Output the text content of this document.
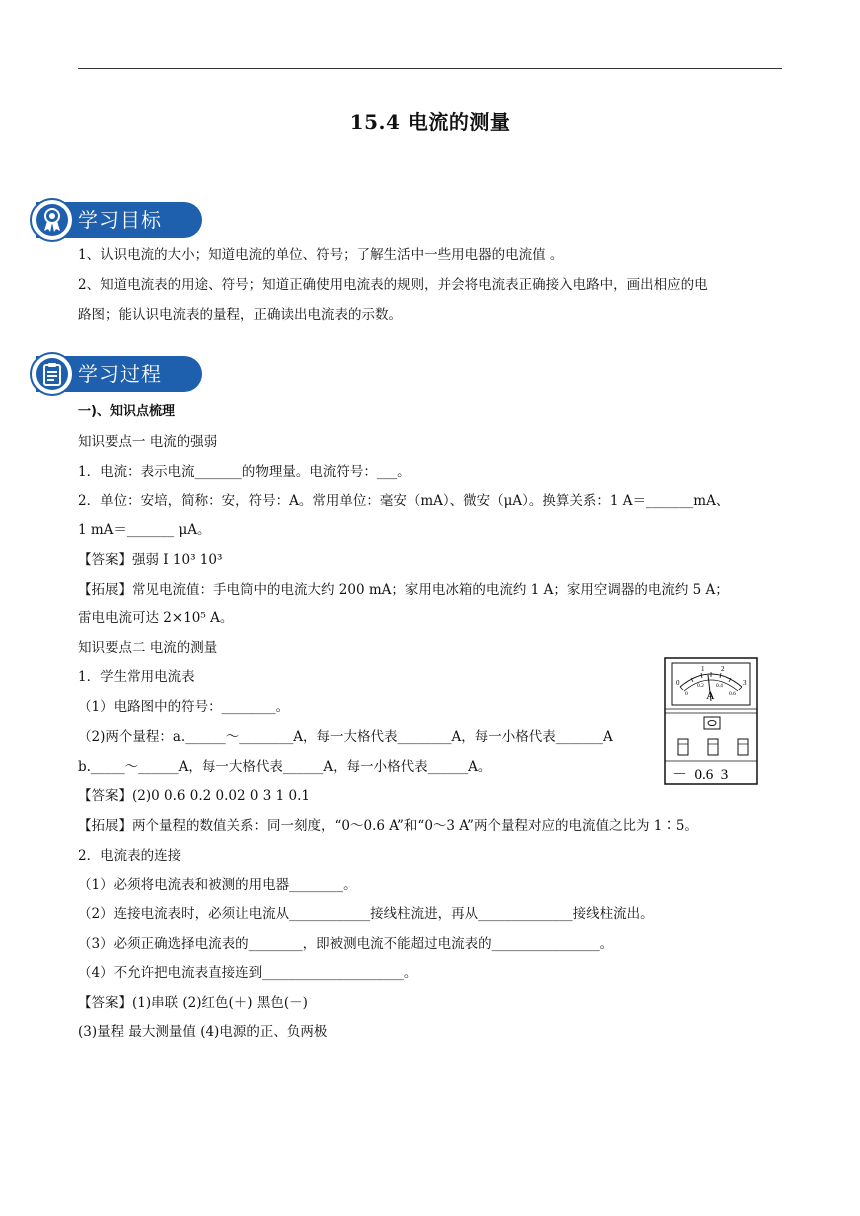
15.4 电流的测量
学习目标
1、认识电流的大小；知道电流的单位、符号；了解生活中一些用电器的电流值 。
2、知道电流表的用途、符号；知道正确使用电流表的规则，并会将电流表正确接入电路中，画出相应的电
路图；能认识电流表的量程，正确读出电流表的示数。
学习过程
一)、知识点梳理
知识要点一 电流的强弱
1．电流：表示电流_______的物理量。电流符号：___。
2．单位：安培，简称：安，符号：A。常用单位：毫安（mA）、微安（μA）。换算关系：1 A＝_______mA、
1 mA＝_______ μA。
【答案】强弱 I 10³ 10³
【拓展】常见电流值：手电筒中的电流大约 200 mA；家用电冰箱的电流约 1 A；家用空调器的电流约 5 A；
雷电电流可达 2×10⁵ A。
知识要点二 电流的测量
1．学生常用电流表
（1）电路图中的符号：________。
（2)两个量程：a.______～________A，每一大格代表________A，每一小格代表_______A
b._____～______A，每一大格代表______A，每一小格代表______A。
【答案】(2)0 0.6 0.2 0.02 0 3 1 0.1
【拓展】两个量程的数值关系：同一刻度，“0～0.6 A”和“0～3 A”两个量程对应的电流值之比为 1∶5。
2．电流表的连接
（1）必须将电流表和被测的用电器________。
（2）连接电流表时，必须让电流从____________接线柱流进，再从______________接线柱流出。
（3）必须正确选择电流表的________，即被测电流不能超过电流表的________________。
（4）不允许把电流表直接连到_____________________。
【答案】(1)串联 (2)红色(＋) 黑色(－)
(3)量程 最大测量值 (4)电源的正、负两极
0
1 2
3
0
0.2 0.4
0.6
A
－  0.6  3
